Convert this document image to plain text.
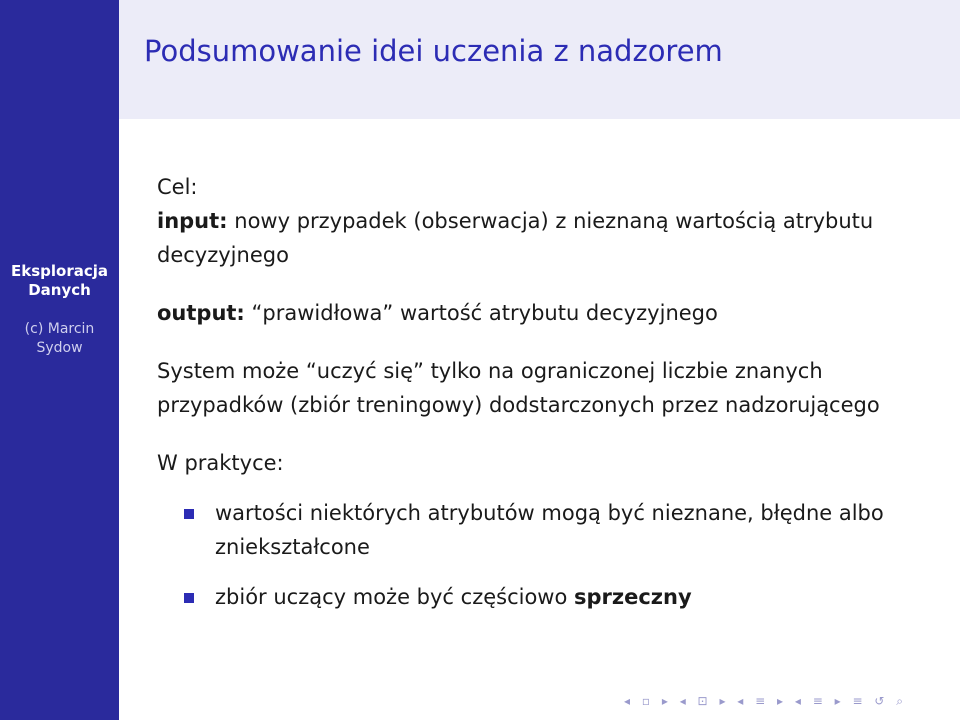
Podsumowanie idei uczenia z nadzorem
Eksploracja
Danych
(c) Marcin
Sydow

Cel:

input: nowy przypadek (obserwacja) z nieznaną wartością atrybutu decyzyjnego

output: “prawidłowa” wartość atrybutu decyzyjnego

System może “uczyć się” tylko na ograniczonej liczbie znanych przypadków (zbiór treningowy) dodstarczonych przez nadzorującego

W praktyce:

wartości niektórych atrybutów mogą być nieznane, błędne albo zniekształcone
zbiór uczący może być częściowo sprzeczny
◂ ▫ ▸ ◂ ⊡ ▸ ◂ ≡ ▸ ◂ ≡ ▸ ≡ ↺ ⌕
